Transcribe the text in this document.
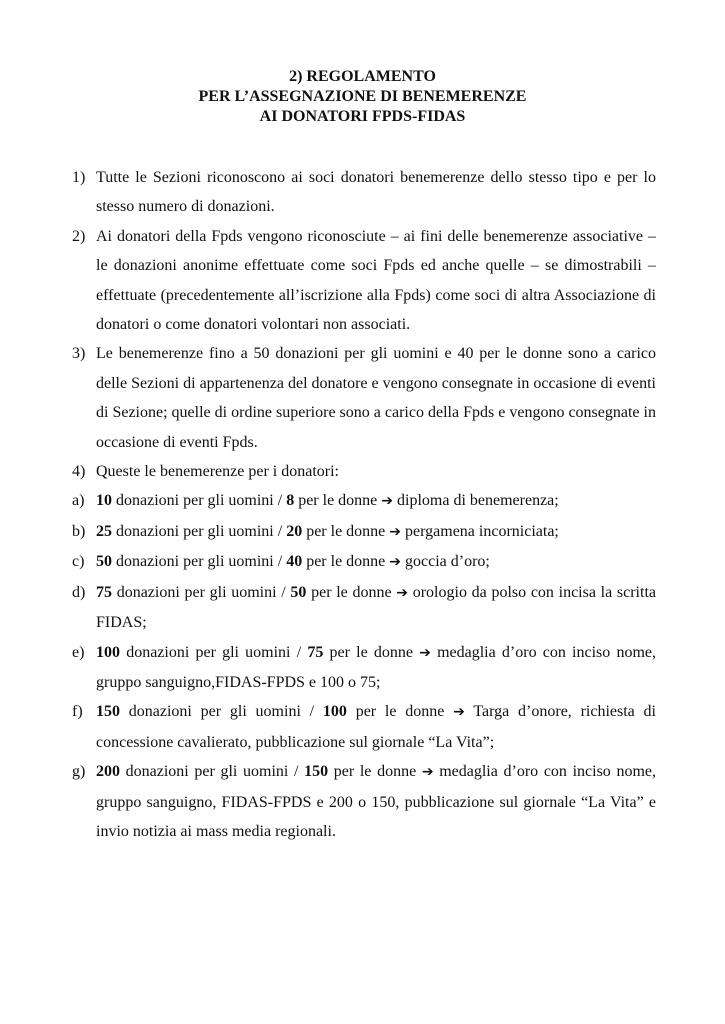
2) REGOLAMENTO
PER L’ASSEGNAZIONE DI BENEMERENZE
AI DONATORI FPDS-FIDAS
1) Tutte le Sezioni riconoscono ai soci donatori benemerenze dello stesso tipo e per lo stesso numero di donazioni.
2) Ai donatori della Fpds vengono riconosciute – ai fini delle benemerenze associative – le donazioni anonime effettuate come soci Fpds ed anche quelle – se dimostrabili – effettuate (precedentemente all’iscrizione alla Fpds) come soci di altra Associazione di donatori o come donatori volontari non associati.
3) Le benemerenze fino a 50 donazioni per gli uomini e 40 per le donne sono a carico delle Sezioni di appartenenza del donatore e vengono consegnate in occasione di eventi di Sezione; quelle di ordine superiore sono a carico della Fpds e vengono consegnate in occasione di eventi Fpds.
4) Queste le benemerenze per i donatori:
a) 10 donazioni per gli uomini / 8 per le donne ➔ diploma di benemerenza;
b) 25 donazioni per gli uomini / 20 per le donne ➔ pergamena incorniciata;
c) 50 donazioni per gli uomini / 40 per le donne ➔ goccia d’oro;
d) 75 donazioni per gli uomini / 50 per le donne ➔ orologio da polso con incisa la scritta FIDAS;
e) 100 donazioni per gli uomini / 75 per le donne ➔ medaglia d’oro con inciso nome, gruppo sanguigno,FIDAS-FPDS e 100 o 75;
f) 150 donazioni per gli uomini / 100 per le donne ➔ Targa d’onore, richiesta di concessione cavalierato, pubblicazione sul giornale “La Vita”;
g) 200 donazioni per gli uomini / 150 per le donne ➔ medaglia d’oro con inciso nome, gruppo sanguigno, FIDAS-FPDS e 200 o 150, pubblicazione sul giornale “La Vita” e invio notizia ai mass media regionali.
